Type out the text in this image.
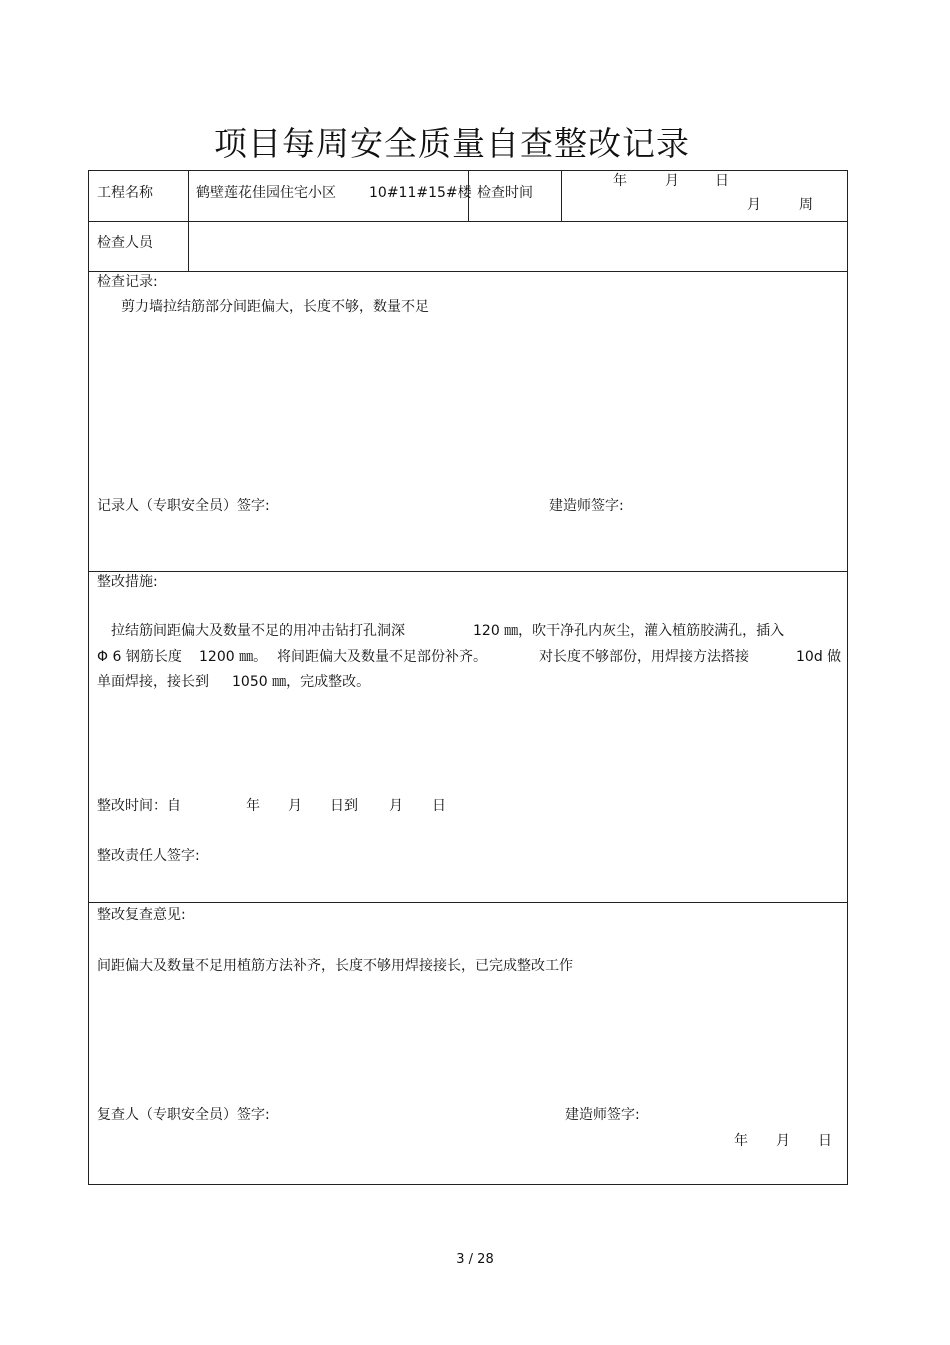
项目每周安全质量自查整改记录
工程名称	鹤壁莲花佳园住宅小区 10#11#15#楼 检查时间
年	月	日
月	周
检查人员
检查记录:
剪力墙拉结筋部分间距偏大，长度不够，数量不足
记录人（专职安全员）签字:	建造师签字:
整改措施:
拉结筋间距偏大及数量不足的用冲击钻打孔洞深	120 ㎜，吹干净孔内灰尘，灌入植筋胶满孔，插入
Φ 6 钢筋长度 1200 ㎜。 将间距偏大及数量不足部份补齐。	对长度不够部份，用焊接方法搭接	10d 做
单面焊接，接长到 1050 ㎜，完成整改。
整改时间：自	年 月 日到 月 日
整改责任人签字:
整改复查意见:
间距偏大及数量不足用植筋方法补齐，长度不够用焊接接长，已完成整改工作
复查人（专职安全员）签字:	建造师签字:
年 月 日
3 / 28
